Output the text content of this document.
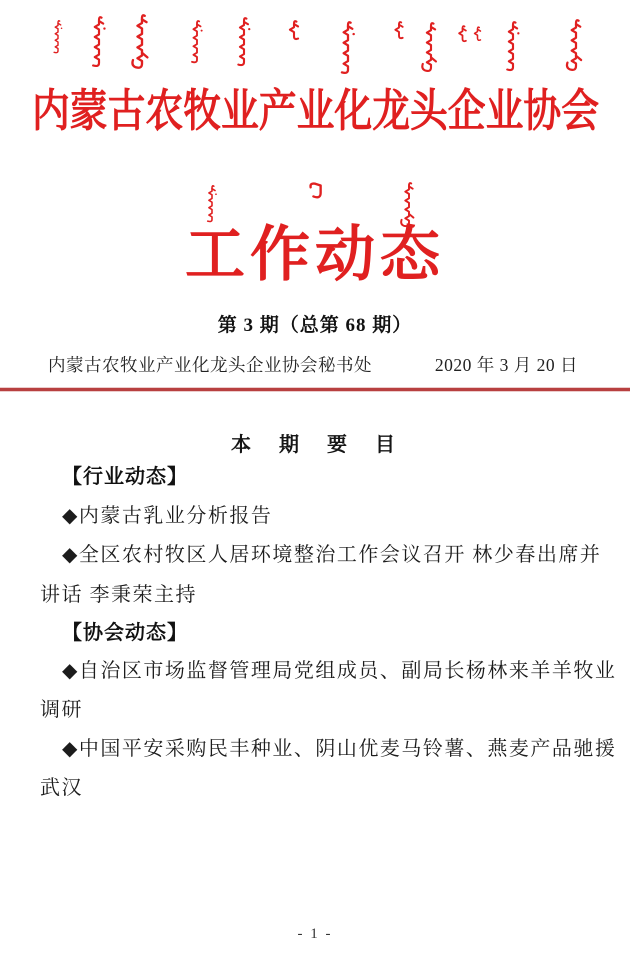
内蒙古农牧业产业化龙头企业协会
工作动态
第 3 期（总第 68 期）
内蒙古农牧业产业化龙头企业协会秘书处	2020 年 3 月 20 日
本　期　要　目
【行业动态】
◆内蒙古乳业分析报告
◆全区农村牧区人居环境整治工作会议召开 林少春出席并
讲话 李秉荣主持
【协会动态】
◆自治区市场监督管理局党组成员、副局长杨林来羊羊牧业
调研
◆中国平安采购民丰种业、阴山优麦马铃薯、燕麦产品驰援
武汉
- 1 -
